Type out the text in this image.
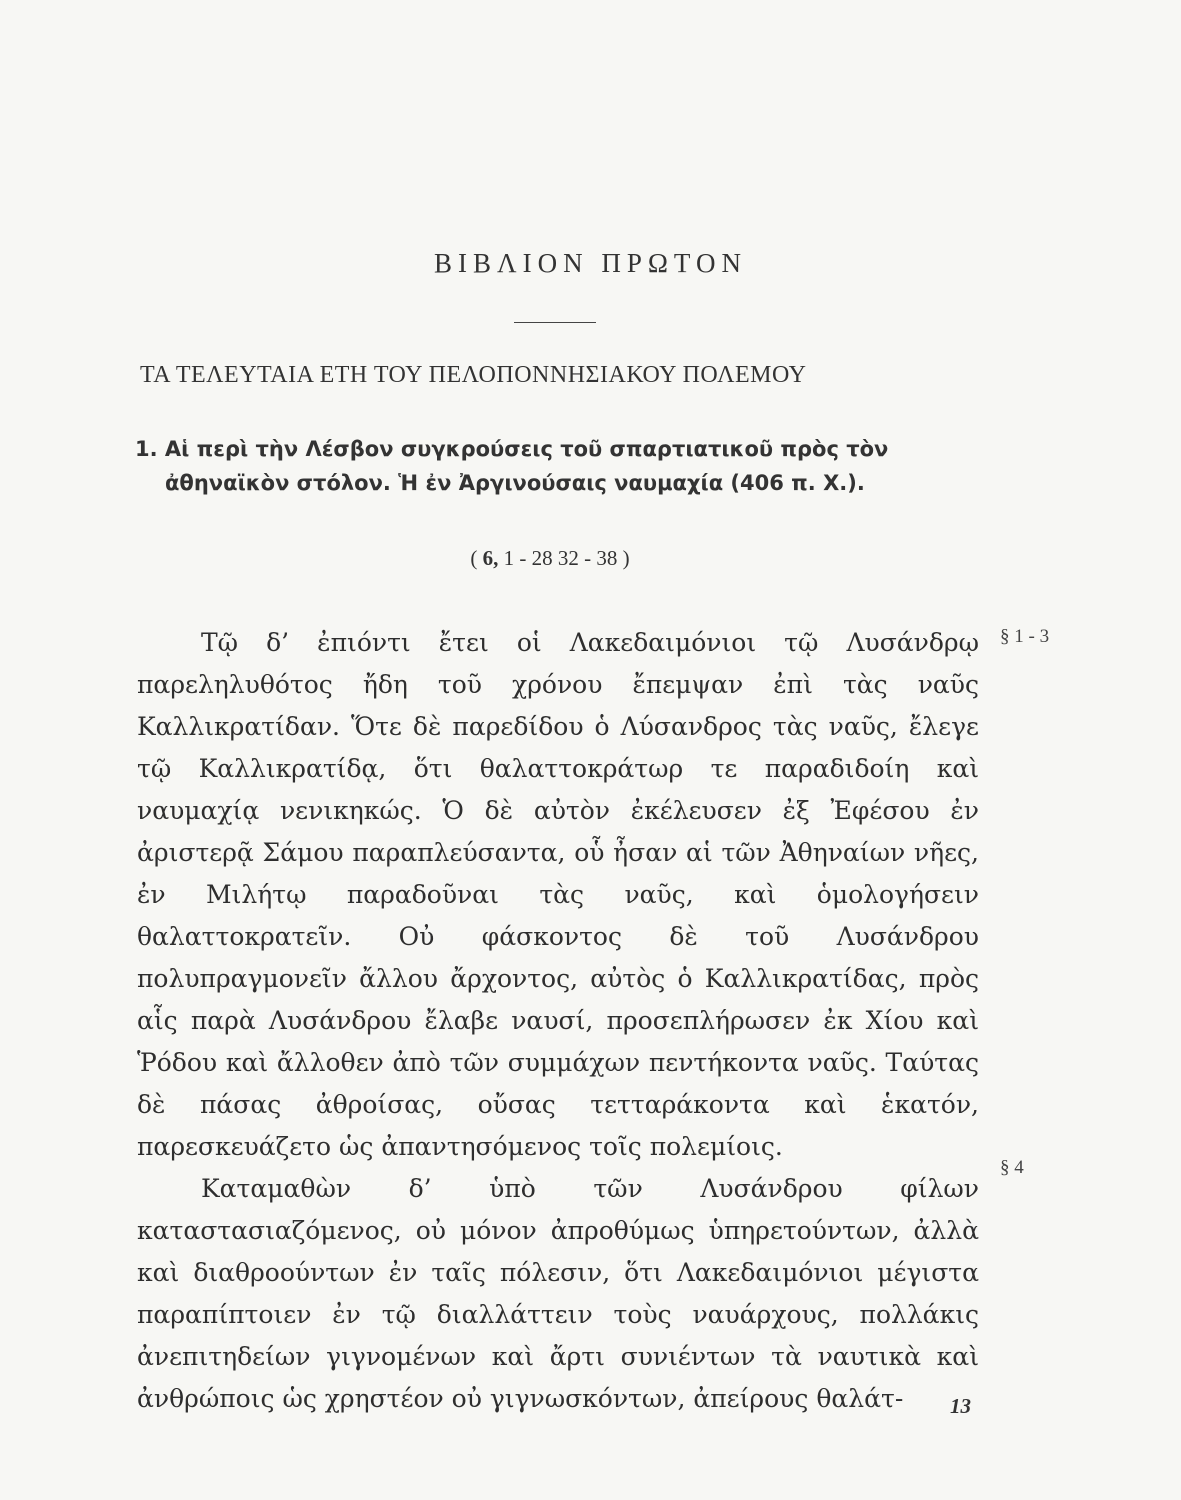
ΒΙΒΛΙΟΝ ΠΡΩΤΟΝ
ΤΑ ΤΕΛΕΥΤΑΙΑ ΕΤΗ ΤΟΥ ΠΕΛΟΠΟΝΝΗΣΙΑΚΟΥ ΠΟΛΕΜΟΥ
1. Αἱ περὶ τὴν Λέσβον συγκρούσεις τοῦ σπαρτιατικοῦ πρὸς τὸν
ἀθηναϊκὸν στόλον. Ἡ ἐν Ἀργινούσαις ναυμαχία (406 π. Χ.).
( 6, 1 - 28 32 - 38 )

Τῷ δ’ ἐπιόντι ἔτει οἱ Λακεδαιμόνιοι τῷ Λυσάνδρῳ παρεληλυθότος ἤδη τοῦ χρόνου ἔπεμψαν ἐπὶ τὰς ναῦς Καλλικρατίδαν. Ὅτε δὲ παρεδίδου ὁ Λύσανδρος τὰς ναῦς, ἔλεγε τῷ Καλλικρατίδᾳ, ὅτι θαλαττοκράτωρ τε παραδιδοίη καὶ ναυμαχίᾳ νενικηκώς. Ὁ δὲ αὐτὸν ἐκέλευσεν ἐξ Ἐφέσου ἐν ἀριστερᾷ Σάμου παραπλεύσαντα, οὗ ἦσαν αἱ τῶν Ἀθηναίων νῆες, ἐν Μιλήτῳ παραδοῦναι τὰς ναῦς, καὶ ὁμολογήσειν θαλαττοκρατεῖν. Οὐ φάσκοντος δὲ τοῦ Λυσάνδρου πολυπραγμονεῖν ἄλλου ἄρχοντος, αὐτὸς ὁ Καλλικρατίδας, πρὸς αἷς παρὰ Λυσάνδρου ἔλαβε ναυσί, προσεπλήρωσεν ἐκ Χίου καὶ Ῥόδου καὶ ἄλλοθεν ἀπὸ τῶν συμμάχων πεντήκοντα ναῦς. Ταύτας δὲ πάσας ἀθροίσας, οὔσας τετταράκοντα καὶ ἑκατόν, παρεσκευάζετο ὡς ἀπαντησόμενος τοῖς πολεμίοις.

Καταμαθὼν δ’ ὑπὸ τῶν Λυσάνδρου φίλων καταστασιαζόμενος, οὐ μόνον ἀπροθύμως ὑπηρετούντων, ἀλλὰ καὶ διαθροούντων ἐν ταῖς πόλεσιν, ὅτι Λακεδαιμόνιοι μέγιστα παραπίπτοιεν ἐν τῷ διαλλάττειν τοὺς ναυάρχους, πολλάκις ἀνεπιτηδείων γιγνομένων καὶ ἄρτι συνιέντων τὰ ναυτικὰ καὶ ἀνθρώποις ὡς χρηστέον οὐ γιγνωσκόντων, ἀπείρους θαλάτ-

§ 1 - 3
§ 4
13
